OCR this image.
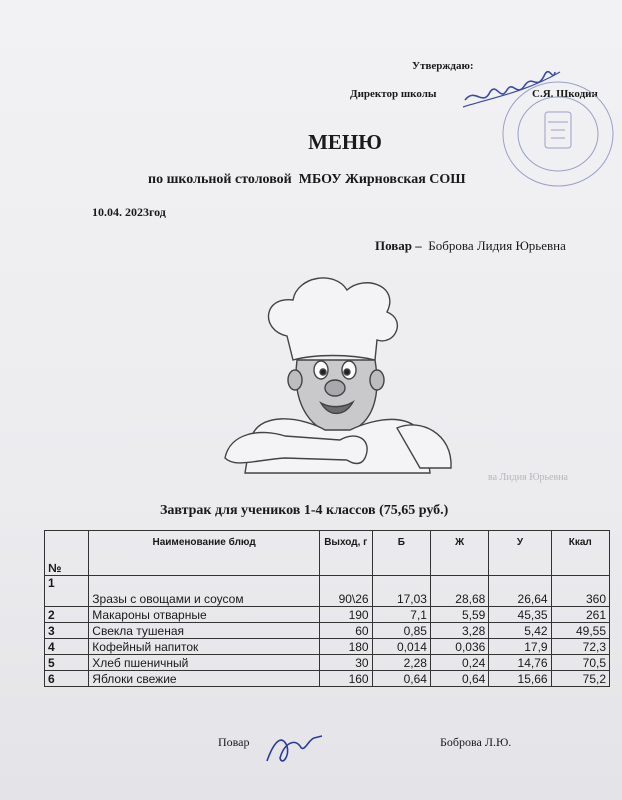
Утверждаю:
Директор школы	С.Я. Шкодин
МЕНЮ
по школьной столовой МБОУ Жирновская СОШ
10.04. 2023год
Повар – Боброва Лидия Юрьевна
ва Лидия Юрьевна
Завтрак для учеников 1-4 классов (75,65 руб.)
№	Наименование блюд	Выход, г	Б	Ж	У	Ккал
1	Зразы с овощами и соусом	90\26	17,03	28,68	26,64	360
2	Макароны отварные	190	7,1	5,59	45,35	261
3	Свекла тушеная	60	0,85	3,28	5,42	49,55
4	Кофейный напиток	180	0,014	0,036	17,9	72,3
5	Хлеб пшеничный	30	2,28	0,24	14,76	70,5
6	Яблоки свежие	160	0,64	0,64	15,66	75,2
Повар	Боброва Л.Ю.
